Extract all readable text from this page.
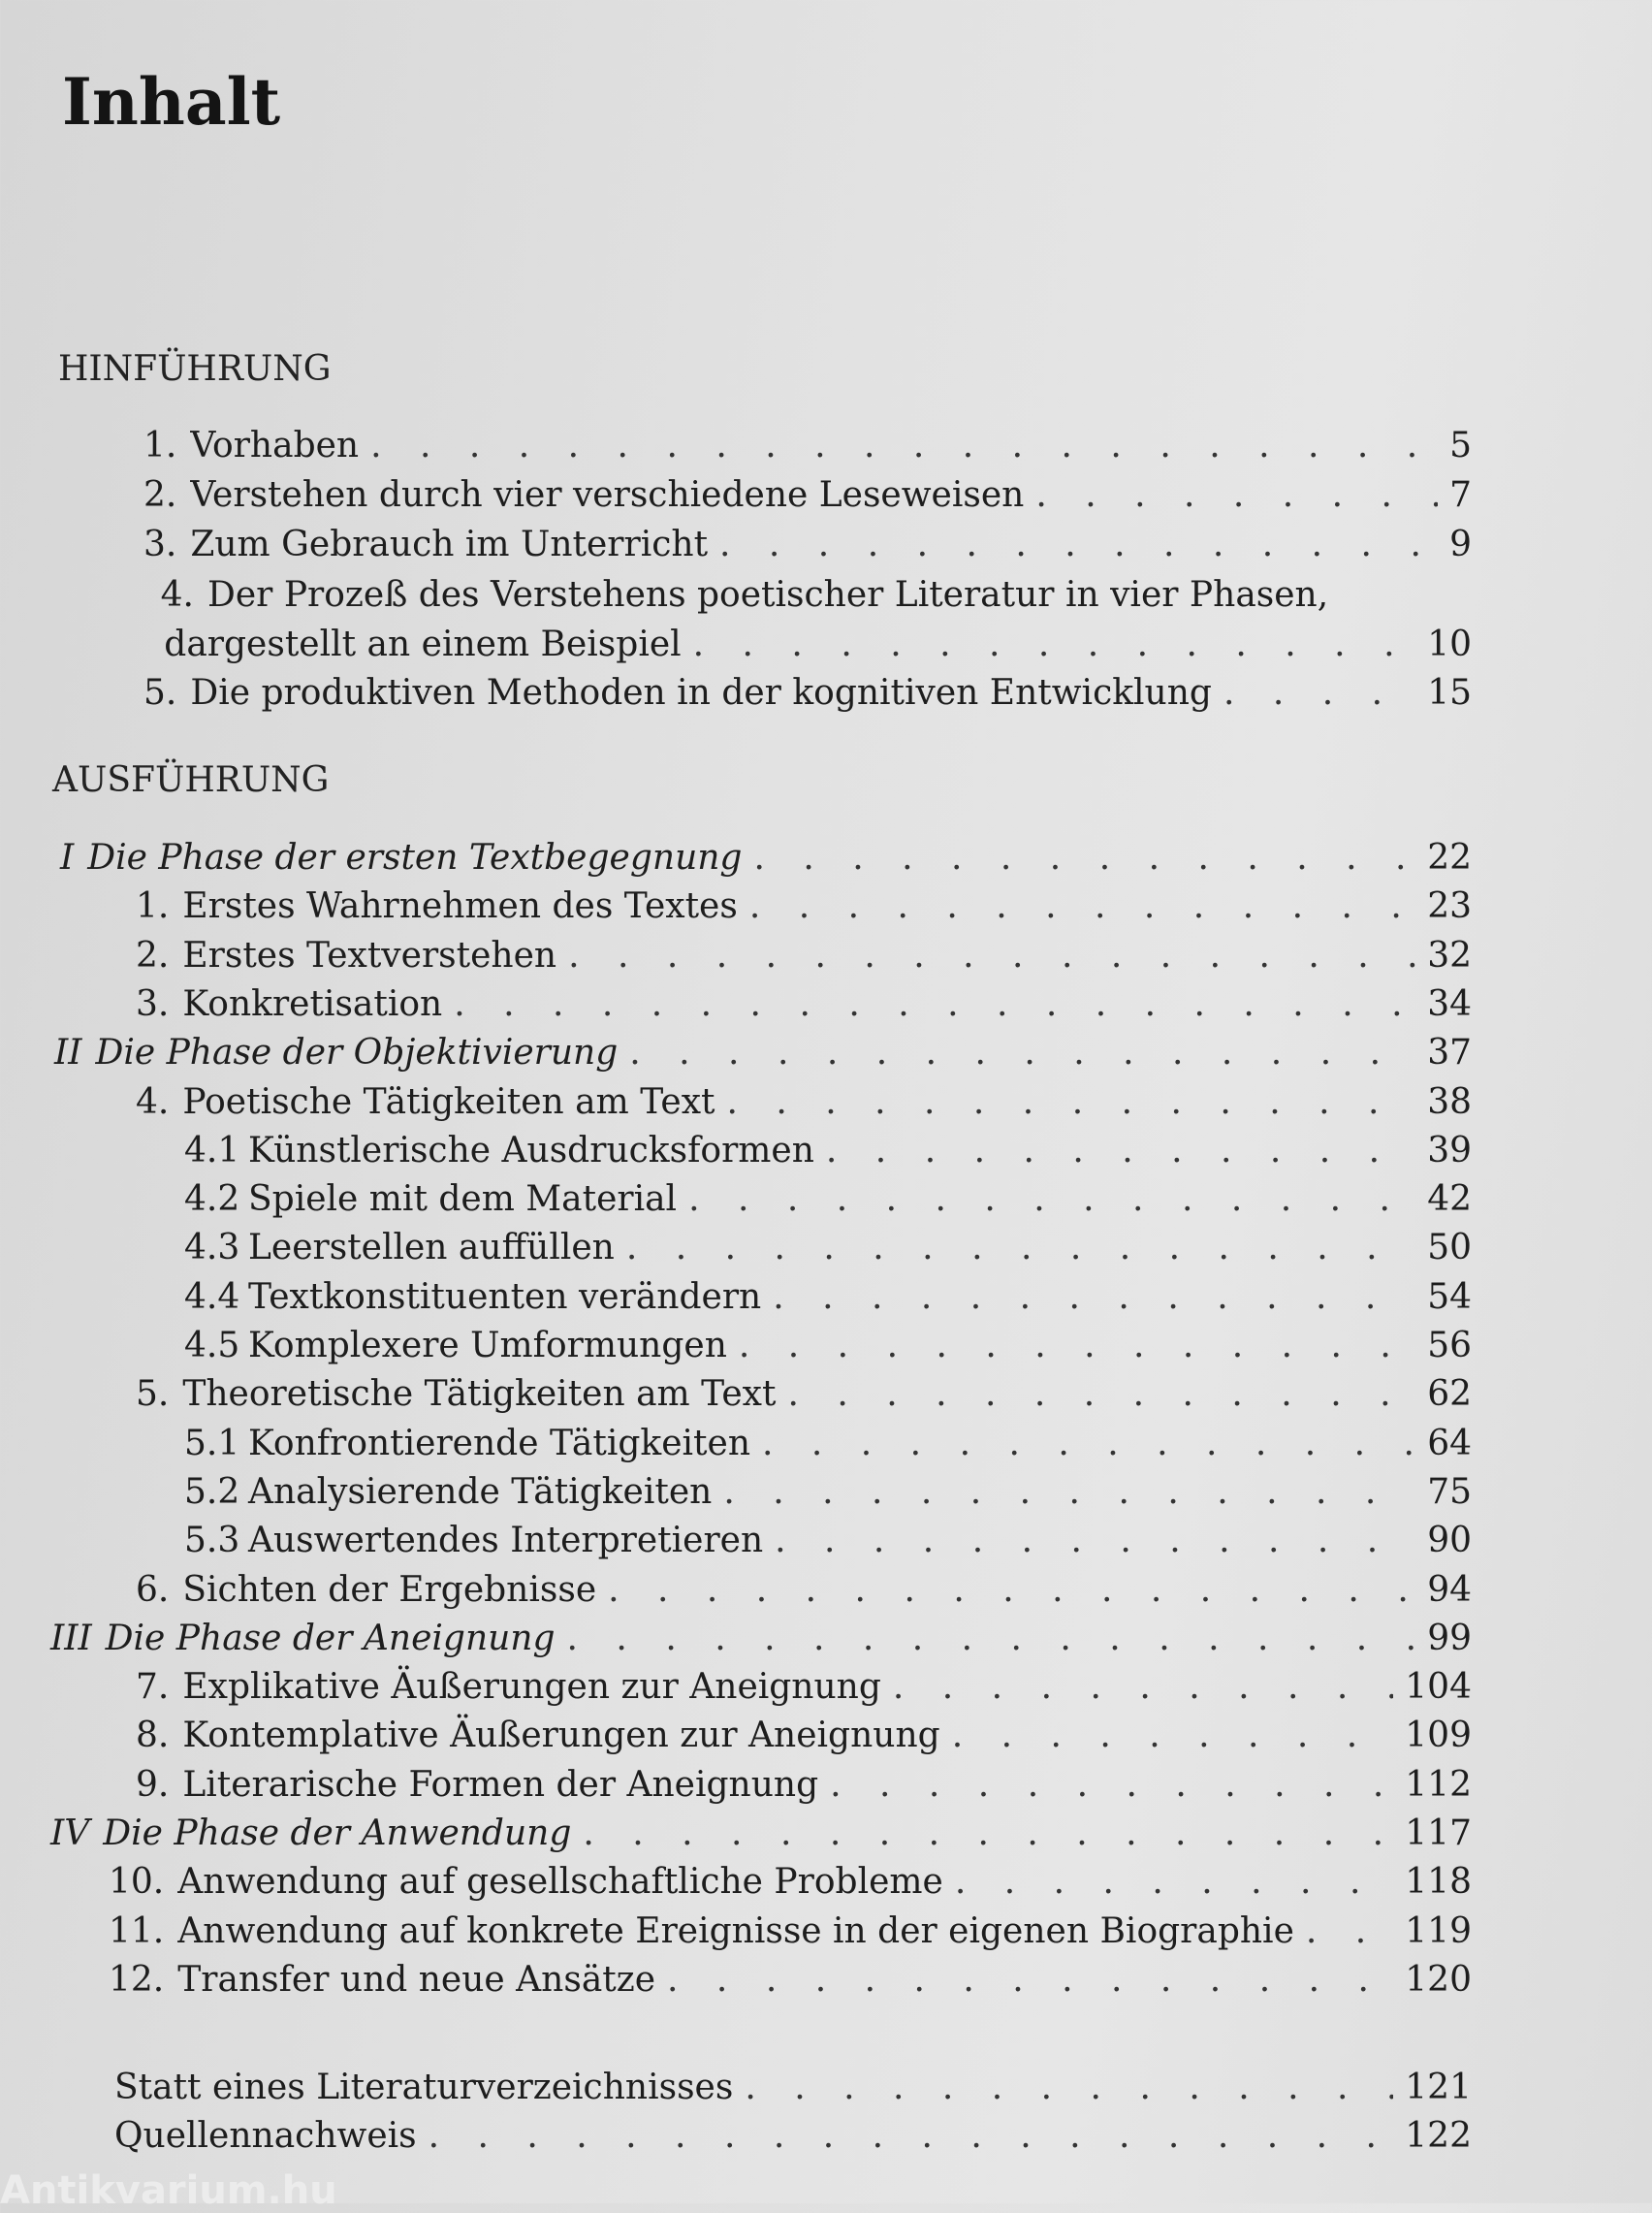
Inhalt
HINFÜHRUNG
1. Vorhaben . . .	5
2. Verstehen durch vier verschiedene Leseweisen . . .	7
3. Zum Gebrauch im Unterricht . . .	9
4. Der Prozeß des Verstehens poetischer Literatur in vier Phasen,
dargestellt an einem Beispiel . . .	10
5. Die produktiven Methoden in der kognitiven Entwicklung . . .	15
AUSFÜHRUNG
I Die Phase der ersten Textbegegnung . . .	22
1. Erstes Wahrnehmen des Textes . . .	23
2. Erstes Textverstehen . . .	32
3. Konkretisation . . .	34
II Die Phase der Objektivierung . . .	37
4. Poetische Tätigkeiten am Text . . .	38
4.1 Künstlerische Ausdrucksformen . . .	39
4.2 Spiele mit dem Material . . .	42
4.3 Leerstellen auffüllen . . .	50
4.4 Textkonstituenten verändern . . .	54
4.5 Komplexere Umformungen . . .	56
5. Theoretische Tätigkeiten am Text . . .	62
5.1 Konfrontierende Tätigkeiten . . .	64
5.2 Analysierende Tätigkeiten . . .	75
5.3 Auswertendes Interpretieren . . .	90
6. Sichten der Ergebnisse . . .	94
III Die Phase der Aneignung . . .	99
7. Explikative Äußerungen zur Aneignung . . .	104
8. Kontemplative Äußerungen zur Aneignung . . .	109
9. Literarische Formen der Aneignung . . .	112
IV Die Phase der Anwendung . . .	117
10. Anwendung auf gesellschaftliche Probleme . . .	118
11. Anwendung auf konkrete Ereignisse in der eigenen Biographie . . .	119
12. Transfer und neue Ansätze . . .	120
Statt eines Literaturverzeichnisses . . .	121
Quellennachweis . . .	122
Antikvarium.hu
